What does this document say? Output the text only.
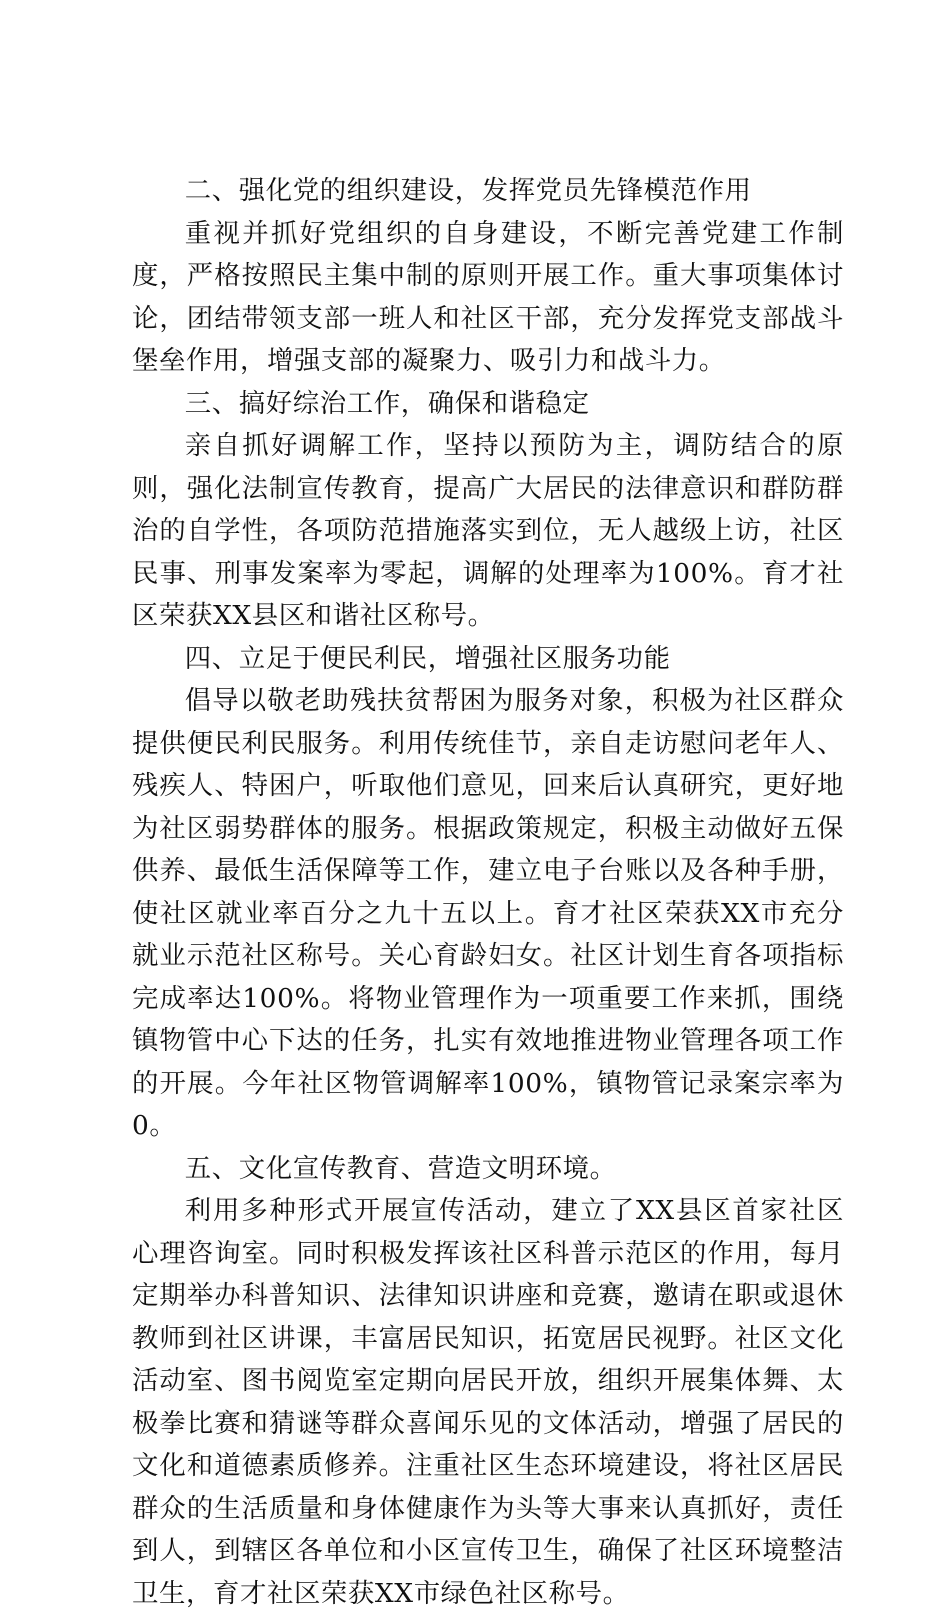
二、强化党的组织建设，发挥党员先锋模范作用

重视并抓好党组织的自身建设，不断完善党建工作制度，严格按照民主集中制的原则开展工作。重大事项集体讨论，团结带领支部一班人和社区干部，充分发挥党支部战斗堡垒作用，增强支部的凝聚力、吸引力和战斗力。

三、搞好综治工作，确保和谐稳定

亲自抓好调解工作，坚持以预防为主，调防结合的原则，强化法制宣传教育，提高广大居民的法律意识和群防群治的自学性，各项防范措施落实到位，无人越级上访，社区民事、刑事发案率为零起，调解的处理率为100%。育才社区荣获XX县区和谐社区称号。

四、立足于便民利民，增强社区服务功能

倡导以敬老助残扶贫帮困为服务对象，积极为社区群众提供便民利民服务。利用传统佳节，亲自走访慰问老年人、残疾人、特困户，听取他们意见，回来后认真研究，更好地为社区弱势群体的服务。根据政策规定，积极主动做好五保供养、最低生活保障等工作，建立电子台账以及各种手册，使社区就业率百分之九十五以上。育才社区荣获XX市充分就业示范社区称号。关心育龄妇女。社区计划生育各项指标完成率达100%。将物业管理作为一项重要工作来抓，围绕镇物管中心下达的任务，扎实有效地推进物业管理各项工作的开展。今年社区物管调解率100%，镇物管记录案宗率为0。

五、文化宣传教育、营造文明环境。

利用多种形式开展宣传活动，建立了XX县区首家社区心理咨询室。同时积极发挥该社区科普示范区的作用，每月定期举办科普知识、法律知识讲座和竞赛，邀请在职或退休教师到社区讲课，丰富居民知识，拓宽居民视野。社区文化活动室、图书阅览室定期向居民开放，组织开展集体舞、太极拳比赛和猜谜等群众喜闻乐见的文体活动，增强了居民的文化和道德素质修养。注重社区生态环境建设，将社区居民群众的生活质量和身体健康作为头等大事来认真抓好，责任到人，到辖区各单位和小区宣传卫生，确保了社区环境整洁卫生，育才社区荣获XX市绿色社区称号。
